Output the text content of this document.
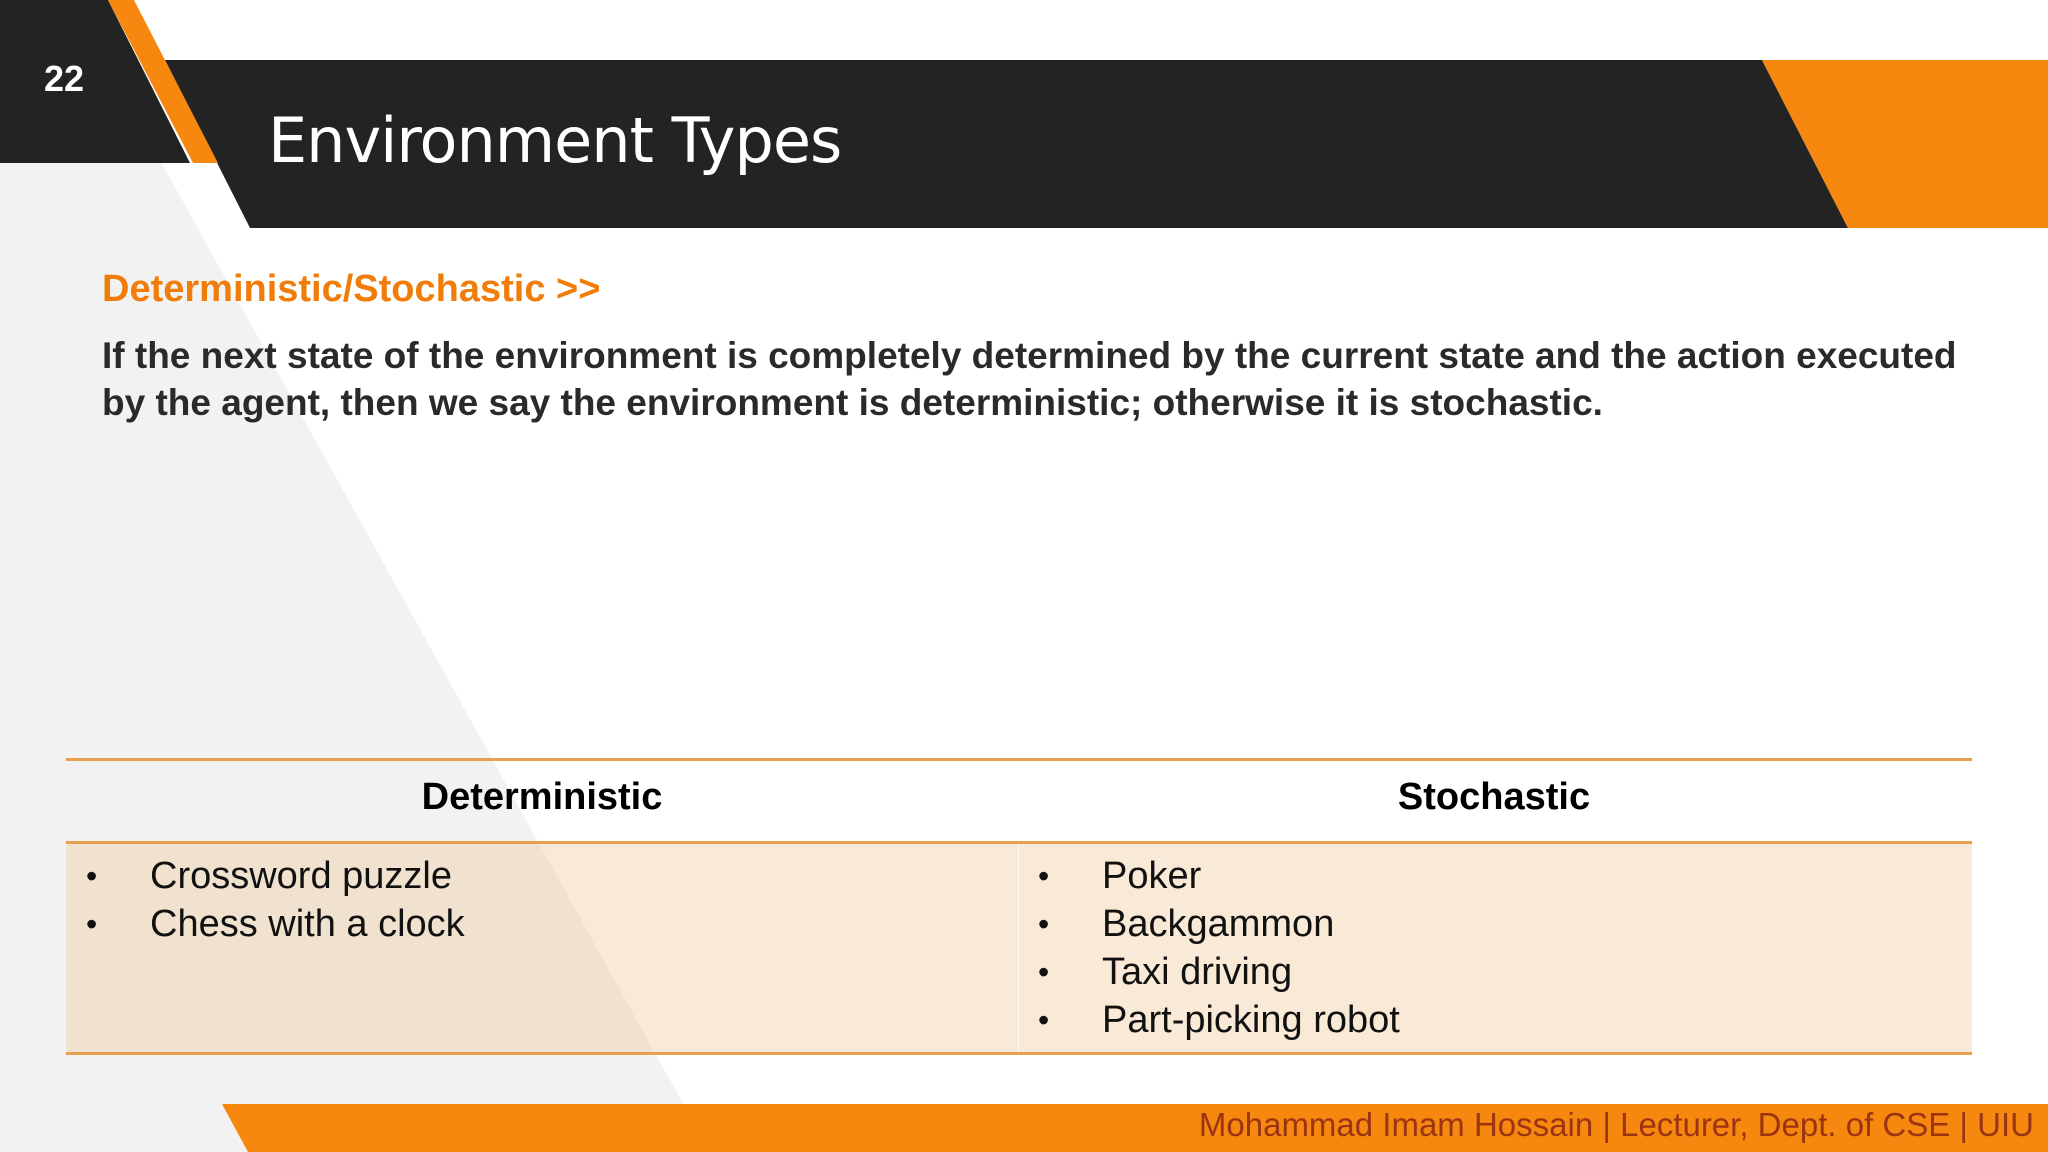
22
Environment Types
Deterministic/Stochastic >>
If the next state of the environment is completely determined by the current state and the action executed by the agent, then we say the environment is deterministic; otherwise it is stochastic.
Deterministic	Stochastic
• Crossword puzzle
• Chess with a clock
• Poker
• Backgammon
• Taxi driving
• Part-picking robot
Mohammad Imam Hossain | Lecturer, Dept. of CSE | UIU
